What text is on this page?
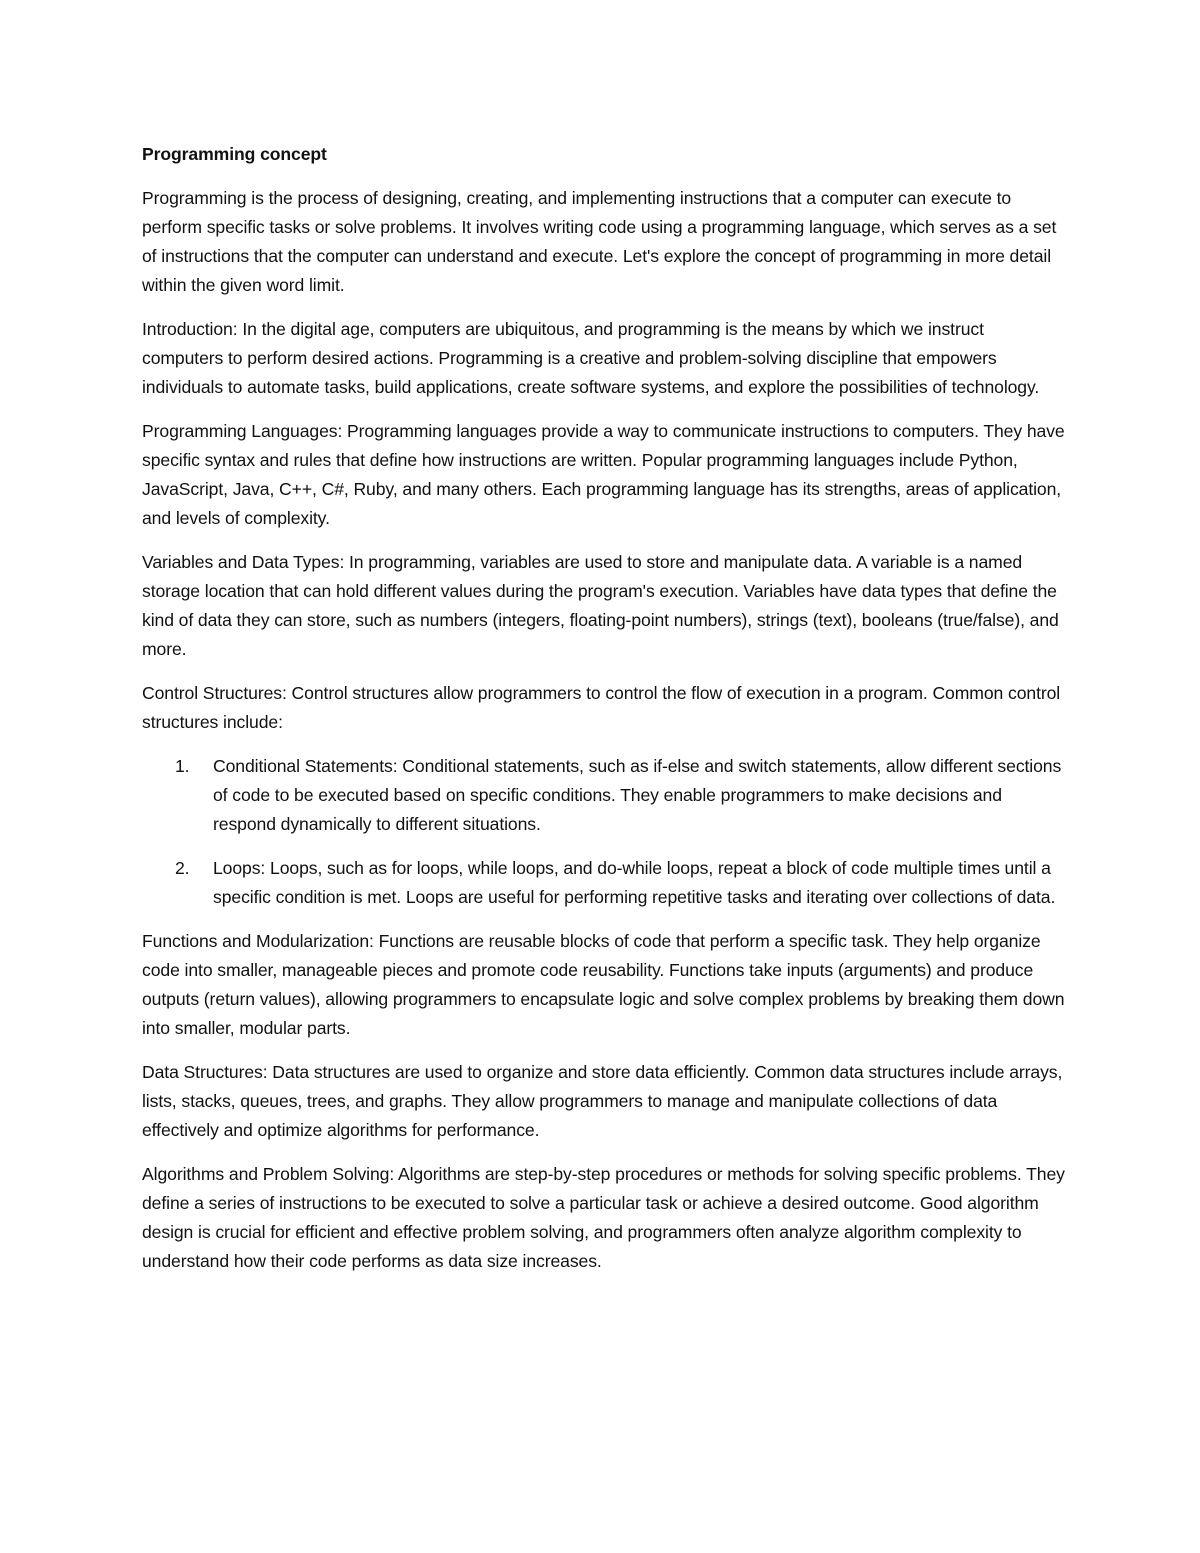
Programming concept

Programming is the process of designing, creating, and implementing instructions that a computer can execute to perform specific tasks or solve problems. It involves writing code using a programming language, which serves as a set of instructions that the computer can understand and execute. Let's explore the concept of programming in more detail within the given word limit.

Introduction: In the digital age, computers are ubiquitous, and programming is the means by which we instruct computers to perform desired actions. Programming is a creative and problem-solving discipline that empowers individuals to automate tasks, build applications, create software systems, and explore the possibilities of technology.

Programming Languages: Programming languages provide a way to communicate instructions to computers. They have specific syntax and rules that define how instructions are written. Popular programming languages include Python, JavaScript, Java, C++, C#, Ruby, and many others. Each programming language has its strengths, areas of application, and levels of complexity.

Variables and Data Types: In programming, variables are used to store and manipulate data. A variable is a named storage location that can hold different values during the program's execution. Variables have data types that define the kind of data they can store, such as numbers (integers, floating-point numbers), strings (text), booleans (true/false), and more.

Control Structures: Control structures allow programmers to control the flow of execution in a program. Common control structures include:

1. Conditional Statements: Conditional statements, such as if-else and switch statements, allow different sections of code to be executed based on specific conditions. They enable programmers to make decisions and respond dynamically to different situations.
2. Loops: Loops, such as for loops, while loops, and do-while loops, repeat a block of code multiple times until a specific condition is met. Loops are useful for performing repetitive tasks and iterating over collections of data.

Functions and Modularization: Functions are reusable blocks of code that perform a specific task. They help organize code into smaller, manageable pieces and promote code reusability. Functions take inputs (arguments) and produce outputs (return values), allowing programmers to encapsulate logic and solve complex problems by breaking them down into smaller, modular parts.

Data Structures: Data structures are used to organize and store data efficiently. Common data structures include arrays, lists, stacks, queues, trees, and graphs. They allow programmers to manage and manipulate collections of data effectively and optimize algorithms for performance.

Algorithms and Problem Solving: Algorithms are step-by-step procedures or methods for solving specific problems. They define a series of instructions to be executed to solve a particular task or achieve a desired outcome. Good algorithm design is crucial for efficient and effective problem solving, and programmers often analyze algorithm complexity to understand how their code performs as data size increases.
